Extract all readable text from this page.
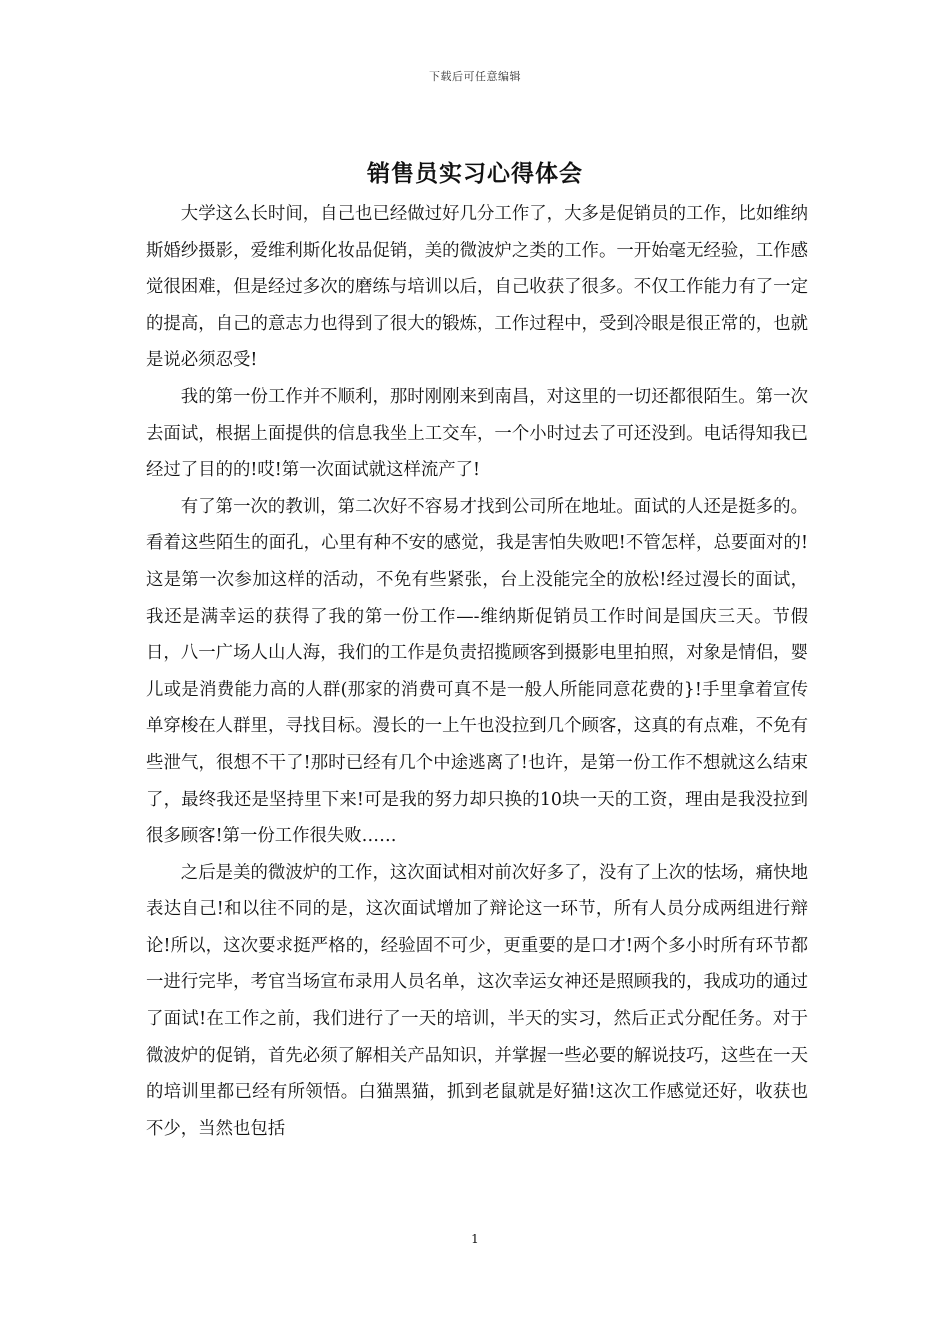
下载后可任意编辑
销售员实习心得体会

大学这么长时间，自己也已经做过好几分工作了，大多是促销员的工作，比如维纳斯婚纱摄影，爱维利斯化妆品促销，美的微波炉之类的工作。一开始毫无经验，工作感觉很困难，但是经过多次的磨练与培训以后，自己收获了很多。不仅工作能力有了一定的提高，自己的意志力也得到了很大的锻炼，工作过程中，受到冷眼是很正常的，也就是说必须忍受!

我的第一份工作并不顺利，那时刚刚来到南昌，对这里的一切还都很陌生。第一次去面试，根据上面提供的信息我坐上工交车，一个小时过去了可还没到。电话得知我已经过了目的的!哎!第一次面试就这样流产了!

有了第一次的教训，第二次好不容易才找到公司所在地址。面试的人还是挺多的。看着这些陌生的面孔，心里有种不安的感觉，我是害怕失败吧!不管怎样，总要面对的!这是第一次参加这样的活动，不免有些紧张，台上没能完全的放松!经过漫长的面试，我还是满幸运的获得了我的第一份工作—-维纳斯促销员工作时间是国庆三天。节假日，八一广场人山人海，我们的工作是负责招揽顾客到摄影电里拍照，对象是情侣，婴儿或是消费能力高的人群(那家的消费可真不是一般人所能同意花费的}!手里拿着宣传单穿梭在人群里，寻找目标。漫长的一上午也没拉到几个顾客，这真的有点难，不免有些泄气，很想不干了!那时已经有几个中途逃离了!也许，是第一份工作不想就这么结束了，最终我还是坚持里下来!可是我的努力却只换的10块一天的工资，理由是我没拉到很多顾客!第一份工作很失败……

之后是美的微波炉的工作，这次面试相对前次好多了，没有了上次的怯场，痛快地表达自己!和以往不同的是，这次面试增加了辩论这一环节，所有人员分成两组进行辩论!所以，这次要求挺严格的，经验固不可少，更重要的是口才!两个多小时所有环节都一进行完毕，考官当场宣布录用人员名单，这次幸运女神还是照顾我的，我成功的通过了面试!在工作之前，我们进行了一天的培训，半天的实习，然后正式分配任务。对于微波炉的促销，首先必须了解相关产品知识，并掌握一些必要的解说技巧，这些在一天的培训里都已经有所领悟。白猫黑猫，抓到老鼠就是好猫!这次工作感觉还好，收获也不少，当然也包括

1
